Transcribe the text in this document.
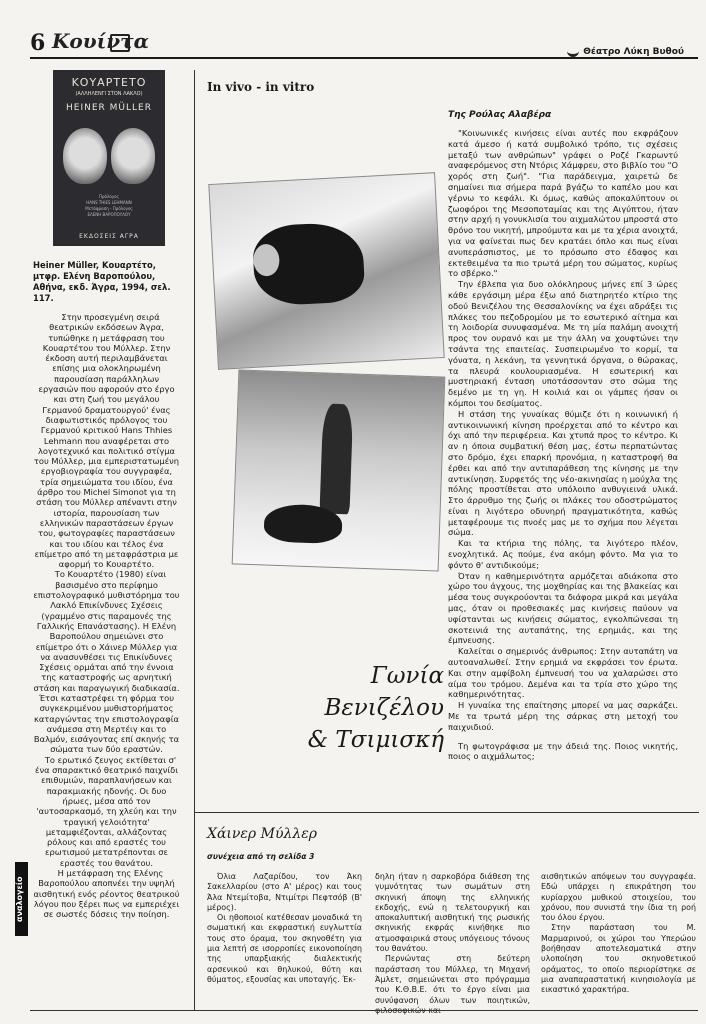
6 Κουίντα	Θέατρο Λύκη Βυθού
ΚΟΥΑΡΤΕΤΟ
(ΑΛΛΗΛΕΝΓΙ ΣΤΟΝ ΛΑΚΛΟ)
HEINER MÜLLER
Πρόλογος
HANS THIES LEHMANN
Μετάφραση - Πρόλογος
ΕΛΕΝΗ ΒΑΡΟΠΟΥΛΟΥ
ΕΚΔΟΣΕΙΣ ΑΓΡΑ
Heiner Müller, Κουαρτέτο, μτφρ. Ελένη Βαροπούλου, Αθήνα, εκδ. Άγρα, 1994, σελ. 117.

Στην προσεγμένη σειρά θεατρικών εκδόσεων Άγρα, τυπώθηκε η μετάφραση του Κουαρτέτου του Μύλλερ. Στην έκδοση αυτή περιλαμβάνεται επίσης μια ολοκληρωμένη παρουσίαση παράλληλων εργασιών που αφορούν στο έργο και στη ζωή του μεγάλου Γερμανού δραματουργού' ένας διαφωτιστικός πρόλογος του Γερμανού κριτικού Hans Thhies Lehmann που αναφέρεται στο λογοτεχνικό και πολιτικό στίγμα του Μύλλερ, μια εμπεριστατωμένη εργοβιογραφία του συγγραφέα, τρία σημειώματα του ιδίου, ένα άρθρο του Michel Simonot για τη στάση του Μύλλερ απέναντι στην ιστορία, παρουσίαση των ελληνικών παραστάσεων έργων του, φωτογραφίες παραστάσεων και του ιδίου και τέλος ένα επίμετρο από τη μεταφράστρια με αφορμή το Κουαρτέτο.

Το Κουαρτέτο (1980) είναι βασισμένο στο περίφημο επιστολογραφικό μυθιστόρημα του Λακλό Επικίνδυνες Σχέσεις (γραμμένο στις παραμονές της Γαλλικής Επανάστασης). Η Ελένη Βαροπούλου σημειώνει στο επίμετρο ότι ο Χάινερ Μύλλερ για να ανασυνθέσει τις Επικίνδυνες Σχέσεις ορμάται από την έννοια της καταστροφής ως αρνητική στάση και παραγωγική διαδικασία. Έτσι καταστρέφει τη φόρμα του συγκεκριμένου μυθιστορήματος καταργώντας την επιστολογραφία ανάμεσα στη Μερτέιγ και το Βαλμόν, εισάγοντας επί σκηνής τα σώματα των δύο εραστών.

Το ερωτικό ζευγος εκτίθεται σ' ένα σπαρακτικό θεατρικό παιχνίδι επιθυμιών, παραπλανήσεων και παρακμιακής ηδονής. Οι δυο ήρωες, μέσα από τον 'αυτοσαρκασμό, τη χλεύη και την τραγική γελοιότητα' μεταμφιέζονται, αλλάζοντας ρόλους και από εραστές του ερωτισμού μετατρέπονται σε εραστές του θανάτου.

Η μετάφραση της Ελένης Βαροπούλου αποπνέει την υψηλή αισθητική ενός ρέοντος θεατρικού λόγου που ξέρει πως να εμπεριέχει σε σωστές δόσεις την ποίηση.

αναλογείο
In vivo - in vitro
Της Ρούλας Αλαβέρα

"Κοινωνικές κινήσεις είναι αυτές που εκφράζουν κατά άμεσο ή κατά συμβολικό τρόπο, τις σχέσεις μεταξύ των ανθρώπων" γράφει ο Ροζέ Γκαρωντύ αναφερόμενος στη Ντόρις Χάμφρευ, στο βιβλίο του "Ο χορός στη ζωή". "Για παράδειγμα, χαιρετώ δε σημαίνει πια σήμερα παρά βγάζω το καπέλο μου και γέρνω το κεφάλι. Κι όμως, καθώς αποκαλύπτουν οι ζωοφόροι της Μεσοποταμίας και της Αιγύπτου, ήταν στην αρχή η γονυκλισία του αιχμαλώτου μπροστά στο θρόνο του νικητή, μπρούμυτα και με τα χέρια ανοιχτά, για να φαίνεται πως δεν κρατάει όπλο και πως είναι ανυπεράσπιστος, με το πρόσωπο στο έδαφος και εκτεθειμένα τα πιο τρωτά μέρη του σώματος, κυρίως το σβέρκο."

Την έβλεπα για δυο ολόκληρους μήνες επί 3 ώρες κάθε εργάσιμη μέρα έξω από διατηρητέο κτίριο της οδού Βενιζέλου της Θεσσαλονίκης να έχει αδράξει τις πλάκες του πεζοδρομίου με το εσωτερικό αίτημα και τη λοιδορία συνυφασμένα. Με τη μία παλάμη ανοιχτή προς τον ουρανό και με την άλλη να χουφτώνει την τσάντα της επαιτείας. Συσπειρωμένο το κορμί, τα γόνατα, η λεκάνη, τα γεννητικά όργανα, ο θώρακας, τα πλευρά κουλουριασμένα. Η εσωτερική και μυστηριακή ένταση υποτάσσονταν στο σώμα της δεμένο με τη γη. Η κοιλιά και οι γάμπες ήσαν οι κόμποι του δεσίματος.

Η στάση της γυναίκας θύμιζε ότι η κοινωνική ή αντικοινωνική κίνηση προέρχεται από το κέντρο και όχι από την περιφέρεια. Και χτυπά προς το κέντρο. Κι αν η όποια συμβατική θέση μας, έστω περπατώντας στο δρόμο, έχει επαρκή προνόμια, η καταστροφή θα έρθει και από την αντιπαράθεση της κίνησης με την αντικίνηση. Συρφετός της νέο-ακινησίας η μούχλα της πόλης προστίθεται στο υπόλοιπο ανθυγιεινά υλικά. Στο άρρυθμο της ζωής οι πλάκες του οδοστρώματος είναι η λιγότερο οδυνηρή πραγματικότητα, καθώς μεταφέρουμε τις πνοές μας με το σχήμα που λέγεται σώμα.

Και τα κτήρια της πόλης, τα λιγότερο πλέον, ενοχλητικά. Ας πούμε, ένα ακόμη φόντο. Μα για το φόντο θ' αντιδικούμε;

Όταν η καθημερινότητα αρμόζεται αδιάκοπα στο χώρο του άγχους, της μοχθηρίας και της βλακείας και μέσα τους συγκρούονται τα διάφορα μικρά και μεγάλα μας, όταν οι προθεσιακές μας κινήσεις παύουν να υφίστανται ως κινήσεις σώματος, εγκολπώνεσαι τη σκοτεινιά της αυταπάτης, της ερημιάς, και της έμπνευσης.

Καλείται ο σημερινός άνθρωπος: Στην αυταπάτη να αυτοαναλωθεί. Στην ερημιά να εκφράσει τον έρωτα. Και στην αμφίβολη έμπνευσή του να χαλαρώσει στο αίμα του τρόμου. Δεμένα και τα τρία στο χώρο της καθημερινότητας.

Η γυναίκα της επαίτησης μπορεί να μας σαρκάζει. Με τα τρωτά μέρη της σάρκας στη μετοχή του παιχνιδιού.

Τη φωτογράφισα με την άδειά της. Ποιος νικητής, ποιος ο αιχμάλωτος;

Γωνία
Βενιζέλου
& Τσιμισκή
Χάινερ Μύλλερ
συνέχεια από τη σελίδα 3

Όλια Λαζαρίδου, τον Άκη Σακελλαρίου (στο Α' μέρος) και τους Άλα Ντεμίτοβα, Ντιμίτρι Πεφτσόβ (Β' μέρος).

Οι ηθοποιοί κατέθεσαν μοναδικά τη σωματική και εκφραστική ευγλωττία τους στο όραμα, του σκηνοθέτη για μια λεπτή σε ισορροπίες εικονοποίηση της υπαρξιακής διαλεκτικής αρσενικού και θηλυκού, θύτη και θύματος, εξουσίας και υποταγής. Έκ-

δηλη ήταν η σαρκοβόρα διάθεση της γυμνότητας των σωμάτων στη σκηνική άποψη της ελληνικής εκδοχής, ενώ η τελετουργική και αποκαλυπτική αισθητική της ρωσικής σκηνικής εκφράς κινήθηκε πιο ατμοσφαιρικά στους υπόγειους τόνους του θανάτου.

Περνώντας στη δεύτερη παράσταση του Μύλλερ, τη Μηχανή Άμλετ, σημειώνεται στο πρόγραμμα του Κ.Θ.Β.Ε. ότι το έργο είναι μια συνύφανση όλων των ποιητικών,

αισθητικών απόψεων του συγγραφέα. Εδώ υπάρχει η επικράτηση του κυρίαρχου μυθικού στοιχείου, του χρόνου, που συνιστά την ίδια τη ροή του όλου έργου.

Στην παράσταση του Μ. Μαρμαρινού, οι χώροι του Υπερώου βοήθησαν αποτελεσματικά στην υλοποίηση του σκηνοθετικού οράματος, το οποίο περιορίστηκε σε μια αναπαραστατική κινησιολογία με εικαστικό χαρακτήρα.
